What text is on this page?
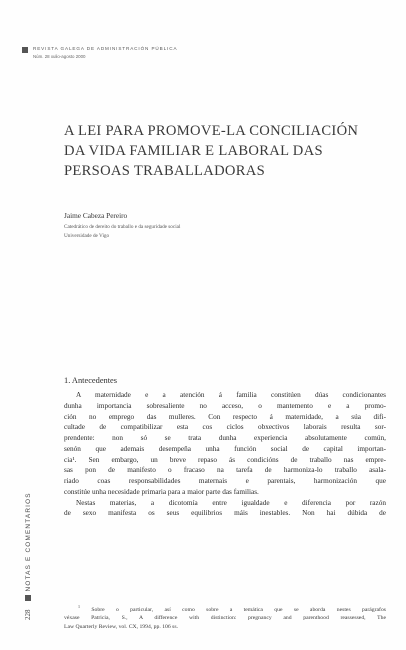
REVISTA GALEGA DE ADMINISTRACIÓN PÚBLICA
Núm. 28 xulio-agosto 2000
A LEI PARA PROMOVE-LA CONCILIACIÓN
DA VIDA FAMILIAR E LABORAL DAS
PERSOAS TRABALLADORAS
Jaime Cabeza Pereiro
Catedrático de dereito do traballo e da seguridade social
Universidade de Vigo
1. Antecedentes
A maternidade e a atención á familia constitúen dúas condicionantes
dunha importancia sobresaliente no acceso, o mantemento e a promo-
ción no emprego das mulleres. Con respecto á maternidade, a súa difi-
cultade de compatibilizar esta cos ciclos obxectivos laborais resulta sor-
prendente: non só se trata dunha experiencia absolutamente común,
senón que ademais desempeña unha función social de capital importan-
cia¹. Sen embargo, un breve repaso ás condicións de traballo nas empre-
sas pon de manifesto o fracaso na tarefa de harmoniza-lo traballo asala-
riado coas responsabilidades maternais e parentais, harmonización que
constitúe unha necesidade primaria para a maior parte das familias.
Nestas materias, a dicotomía entre igualdade e diferencia por razón
de sexo manifesta os seus equilibrios máis inestables. Non hai dúbida de
$^1$ Sobre o particular, así como sobre a temática que se aborda nestes parágrafos
véxase Patricia, S., A difference with distinction: pregnancy and parenthood reassessed, The
Law Quarterly Review, vol. CX, 1994, pp. 106 ss.
228
NOTAS E COMENTARIOS
